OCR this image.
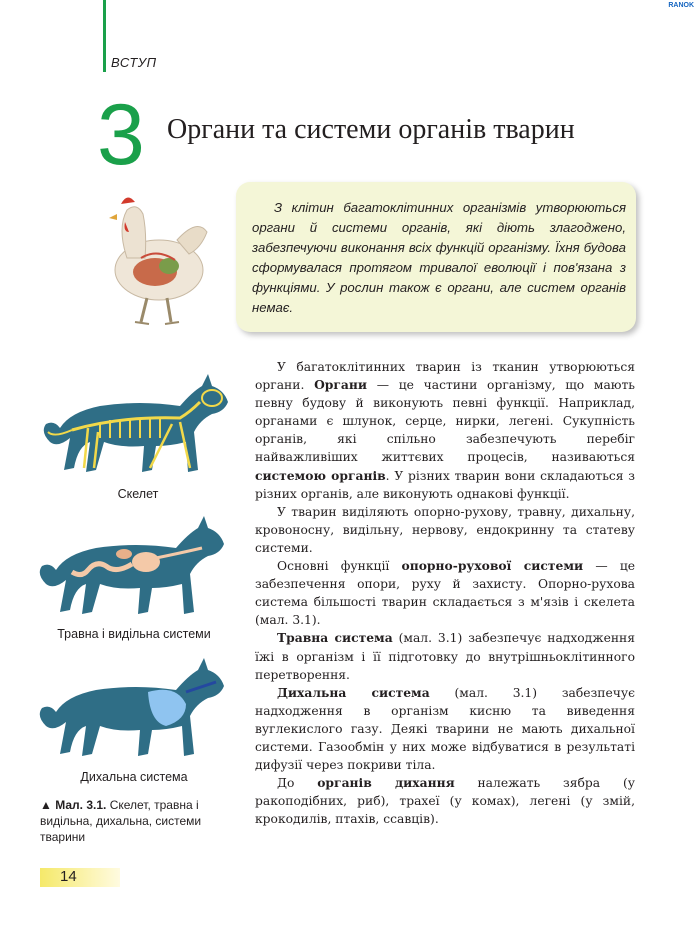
ВСТУП
RANOK
3 Органи та системи органів тварин
З клітин багатоклітинних організмів утворюються органи й системи органів, які діють злагоджено, забезпечуючи виконання всіх функцій організму. Їхня будова сформувалася протягом тривалої еволюції і пов'язана з функціями. У рослин також є органи, але систем органів немає.
Скелет
Травна і видільна системи
Дихальна система
▲ Мал. 3.1. Скелет, травна і видільна, дихальна, системи тварини

У багатоклітинних тварин із тканин утворюються органи. Органи — це частини організму, що мають певну будову й виконують певні функції. Наприклад, органами є шлунок, серце, нирки, легені. Сукупність органів, які спільно забезпечують перебіг найважливіших життєвих процесів, називаються системою органів. У різних тварин вони складаються з різних органів, але виконують однакові функції.

У тварин виділяють опорно-рухову, травну, дихальну, кровоносну, видільну, нервову, ендокринну та статеву системи.

Основні функції опорно-рухової системи — це забезпечення опори, руху й захисту. Опорно-рухова система більшості тварин складається з м'язів і скелета (мал. 3.1).

Травна система (мал. 3.1) забезпечує надходження їжі в організм і її підготовку до внутрішньоклітинного перетворення.

Дихальна система (мал. 3.1) забезпечує надходження в організм кисню та виведення вуглекислого газу. Деякі тварини не мають дихальної системи. Газообмін у них може відбуватися в результаті дифузії через покриви тіла.

До органів дихання належать зябра (у ракоподібних, риб), трахеї (у комах), легені (у змій, крокодилів, птахів, ссавців).

14
